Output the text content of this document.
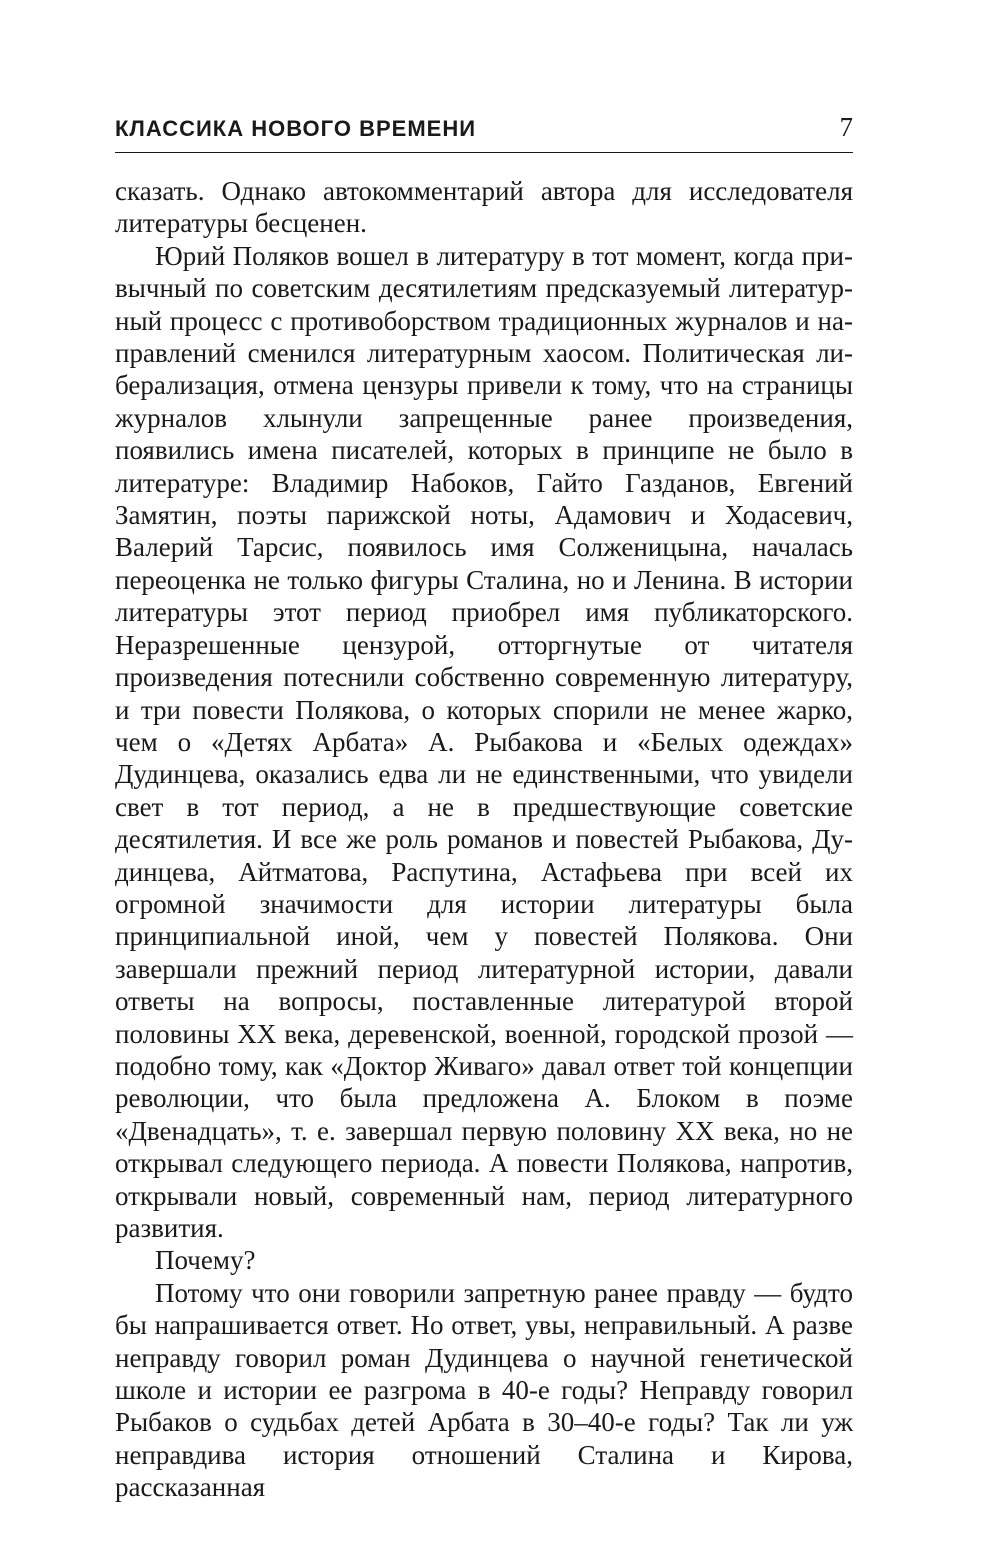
КЛАССИКА НОВОГО ВРЕМЕНИ	7

сказать. Однако автокомментарий автора для исследователя литературы бесценен.

Юрий Поляков вошел в литературу в тот момент, когда привычный по советским десятилетиям предсказуемый литературный процесс с противоборством традиционных журналов и направлений сменился литературным хаосом. Политическая либерализация, отмена цензуры привели к тому, что на страницы журналов хлынули запрещенные ранее произведения, появились имена писателей, которых в принципе не было в литературе: Владимир Набоков, Гайто Газданов, Евгений Замятин, поэты парижской ноты, Адамович и Ходасевич, Валерий Тарсис, появилось имя Солженицына, началась переоценка не только фигуры Сталина, но и Ленина. В истории литературы этот период приобрел имя публикаторского. Неразрешенные цензурой, отторгнутые от читателя произведения потеснили собственно современную литературу, и три повести Полякова, о которых спорили не менее жарко, чем о «Детях Арбата» А. Рыбакова и «Белых одеждах» Дудинцева, оказались едва ли не единственными, что увидели свет в тот период, а не в предшествующие советские десятилетия. И все же роль романов и повестей Рыбакова, Дудинцева, Айтматова, Распутина, Астафьева при всей их огромной значимости для истории литературы была принципиальной иной, чем у повестей Полякова. Они завершали прежний период литературной истории, давали ответы на вопросы, поставленные литературой второй половины XX века, деревенской, военной, городской прозой — подобно тому, как «Доктор Живаго» давал ответ той концепции революции, что была предложена А. Блоком в поэме «Двенадцать», т. е. завершал первую половину XX века, но не открывал следующего периода. А повести Полякова, напротив, открывали новый, современный нам, период литературного развития.

Почему?

Потому что они говорили запретную ранее правду — будто бы напрашивается ответ. Но ответ, увы, неправильный. А разве неправду говорил роман Дудинцева о научной генетической школе и истории ее разгрома в 40-е годы? Неправду говорил Рыбаков о судьбах детей Арбата в 30–40-е годы? Так ли уж неправдива история отношений Сталина и Кирова, рассказанная
